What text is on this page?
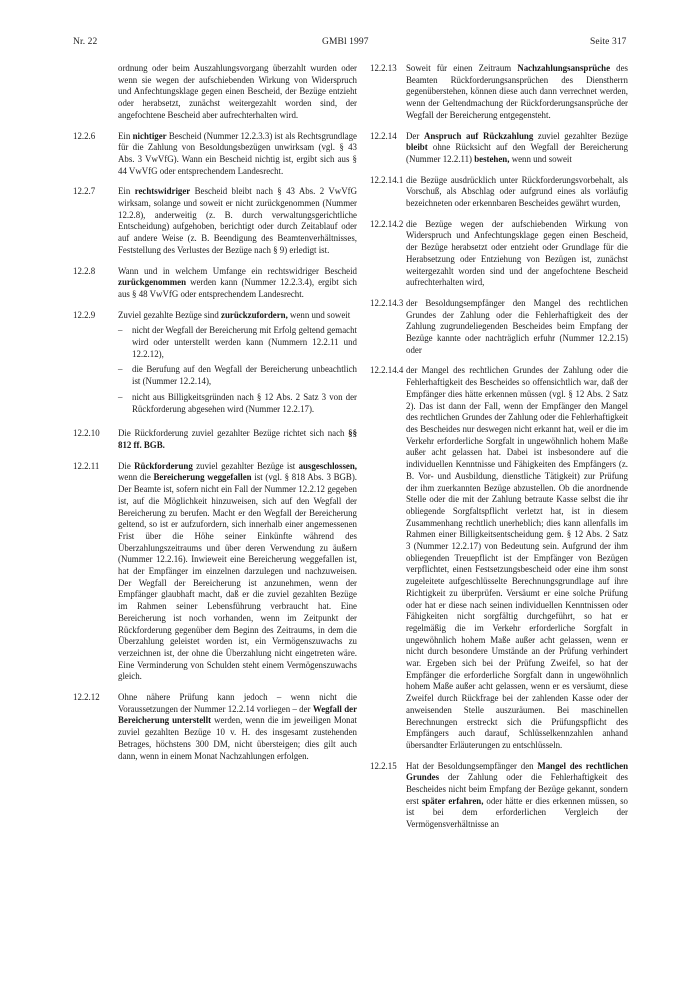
Nr. 22	GMBl 1997	Seite 317
ordnung oder beim Auszahlungsvorgang überzahlt wurden oder wenn sie wegen der aufschiebenden Wirkung von Widerspruch und Anfechtungsklage gegen einen Bescheid, der Bezüge entzieht oder herabsetzt, zunächst weitergezahlt worden sind, der angefochtene Bescheid aber aufrechterhalten wird.
12.2.6	Ein nichtiger Bescheid (Nummer 12.2.3.3) ist als Rechtsgrundlage für die Zahlung von Besoldungsbezügen unwirksam (vgl. § 43 Abs. 3 VwVfG). Wann ein Bescheid nichtig ist, ergibt sich aus § 44 VwVfG oder entsprechendem Landesrecht.
12.2.7	Ein rechtswidriger Bescheid bleibt nach § 43 Abs. 2 VwVfG wirksam, solange und soweit er nicht zurückgenommen (Nummer 12.2.8), anderweitig (z. B. durch verwaltungsgerichtliche Entscheidung) aufgehoben, berichtigt oder durch Zeitablauf oder auf andere Weise (z. B. Beendigung des Beamtenverhältnisses, Feststellung des Verlustes der Bezüge nach § 9) erledigt ist.
12.2.8	Wann und in welchem Umfange ein rechtswidriger Bescheid zurückgenommen werden kann (Nummer 12.2.3.4), ergibt sich aus § 48 VwVfG oder entsprechendem Landesrecht.
12.2.9	Zuviel gezahlte Bezüge sind zurückzufordern, wenn und soweit
–	nicht der Wegfall der Bereicherung mit Erfolg geltend gemacht wird oder unterstellt werden kann (Nummern 12.2.11 und 12.2.12),
–	die Berufung auf den Wegfall der Bereicherung unbeachtlich ist (Nummer 12.2.14),
–	nicht aus Billigkeitsgründen nach § 12 Abs. 2 Satz 3 von der Rückforderung abgesehen wird (Nummer 12.2.17).
12.2.10	Die Rückforderung zuviel gezahlter Bezüge richtet sich nach §§ 812 ff. BGB.
12.2.11	Die Rückforderung zuviel gezahlter Bezüge ist ausgeschlossen, wenn die Bereicherung weggefallen ist (vgl. § 818 Abs. 3 BGB). Der Beamte ist, sofern nicht ein Fall der Nummer 12.2.12 gegeben ist, auf die Möglichkeit hinzuweisen, sich auf den Wegfall der Bereicherung zu berufen. Macht er den Wegfall der Bereicherung geltend, so ist er aufzufordern, sich innerhalb einer angemessenen Frist über die Höhe seiner Einkünfte während des Überzahlungszeitraums und über deren Verwendung zu äußern (Nummer 12.2.16). Inwieweit eine Bereicherung weggefallen ist, hat der Empfänger im einzelnen darzulegen und nachzuweisen. Der Wegfall der Bereicherung ist anzunehmen, wenn der Empfänger glaubhaft macht, daß er die zuviel gezahlten Bezüge im Rahmen seiner Lebensführung verbraucht hat. Eine Bereicherung ist noch vorhanden, wenn im Zeitpunkt der Rückforderung gegenüber dem Beginn des Zeitraums, in dem die Überzahlung geleistet worden ist, ein Vermögenszuwachs zu verzeichnen ist, der ohne die Überzahlung nicht eingetreten wäre. Eine Verminderung von Schulden steht einem Vermögenszuwachs gleich.
12.2.12	Ohne nähere Prüfung kann jedoch – wenn nicht die Voraussetzungen der Nummer 12.2.14 vorliegen – der Wegfall der Bereicherung unterstellt werden, wenn die im jeweiligen Monat zuviel gezahlten Bezüge 10 v. H. des insgesamt zustehenden Betrages, höchstens 300 DM, nicht übersteigen; dies gilt auch dann, wenn in einem Monat Nachzahlungen erfolgen.
12.2.13	Soweit für einen Zeitraum Nachzahlungsansprüche des Beamten Rückforderungsansprüchen des Dienstherrn gegenüberstehen, können diese auch dann verrechnet werden, wenn der Geltendmachung der Rückforderungsansprüche der Wegfall der Bereicherung entgegensteht.
12.2.14	Der Anspruch auf Rückzahlung zuviel gezahlter Bezüge bleibt ohne Rücksicht auf den Wegfall der Bereicherung (Nummer 12.2.11) bestehen, wenn und soweit
12.2.14.1 die Bezüge ausdrücklich unter Rückforderungsvorbehalt, als Vorschuß, als Abschlag oder aufgrund eines als vorläufig bezeichneten oder erkennbaren Bescheides gewährt wurden,
12.2.14.2 die Bezüge wegen der aufschiebenden Wirkung von Widerspruch und Anfechtungsklage gegen einen Bescheid, der Bezüge herabsetzt oder entzieht oder Grundlage für die Herabsetzung oder Entziehung von Bezügen ist, zunächst weitergezahlt worden sind und der angefochtene Bescheid aufrechterhalten wird,
12.2.14.3 der Besoldungsempfänger den Mangel des rechtlichen Grundes der Zahlung oder die Fehlerhaftigkeit des der Zahlung zugrundeliegenden Bescheides beim Empfang der Bezüge kannte oder nachträglich erfuhr (Nummer 12.2.15) oder
12.2.14.4 der Mangel des rechtlichen Grundes der Zahlung oder die Fehlerhaftigkeit des Bescheides so offensichtlich war, daß der Empfänger dies hätte erkennen müssen (vgl. § 12 Abs. 2 Satz 2). Das ist dann der Fall, wenn der Empfänger den Mangel des rechtlichen Grundes der Zahlung oder die Fehlerhaftigkeit des Bescheides nur deswegen nicht erkannt hat, weil er die im Verkehr erforderliche Sorgfalt in ungewöhnlich hohem Maße außer acht gelassen hat. Dabei ist insbesondere auf die individuellen Kenntnisse und Fähigkeiten des Empfängers (z. B. Vor- und Ausbildung, dienstliche Tätigkeit) zur Prüfung der ihm zuerkannten Bezüge abzustellen. Ob die anordnende Stelle oder die mit der Zahlung betraute Kasse selbst die ihr obliegende Sorgfaltspflicht verletzt hat, ist in diesem Zusammenhang rechtlich unerheblich; dies kann allenfalls im Rahmen einer Billigkeitsentscheidung gem. § 12 Abs. 2 Satz 3 (Nummer 12.2.17) von Bedeutung sein. Aufgrund der ihm obliegenden Treuepflicht ist der Empfänger von Bezügen verpflichtet, einen Festsetzungsbescheid oder eine ihm sonst zugeleitete aufgeschlüsselte Berechnungsgrundlage auf ihre Richtigkeit zu überprüfen. Versäumt er eine solche Prüfung oder hat er diese nach seinen individuellen Kenntnissen oder Fähigkeiten nicht sorgfältig durchgeführt, so hat er regelmäßig die im Verkehr erforderliche Sorgfalt in ungewöhnlich hohem Maße außer acht gelassen, wenn er nicht durch besondere Umstände an der Prüfung verhindert war. Ergeben sich bei der Prüfung Zweifel, so hat der Empfänger die erforderliche Sorgfalt dann in ungewöhnlich hohem Maße außer acht gelassen, wenn er es versäumt, diese Zweifel durch Rückfrage bei der zahlenden Kasse oder der anweisenden Stelle auszuräumen. Bei maschinellen Berechnungen erstreckt sich die Prüfungspflicht des Empfängers auch darauf, Schlüsselkennzahlen anhand übersandter Erläuterungen zu entschlüsseln.
12.2.15	Hat der Besoldungsempfänger den Mangel des rechtlichen Grundes der Zahlung oder die Fehlerhaftigkeit des Bescheides nicht beim Empfang der Bezüge gekannt, sondern erst später erfahren, oder hätte er dies erkennen müssen, so ist bei dem erforderlichen Vergleich der Vermögensverhältnisse an
